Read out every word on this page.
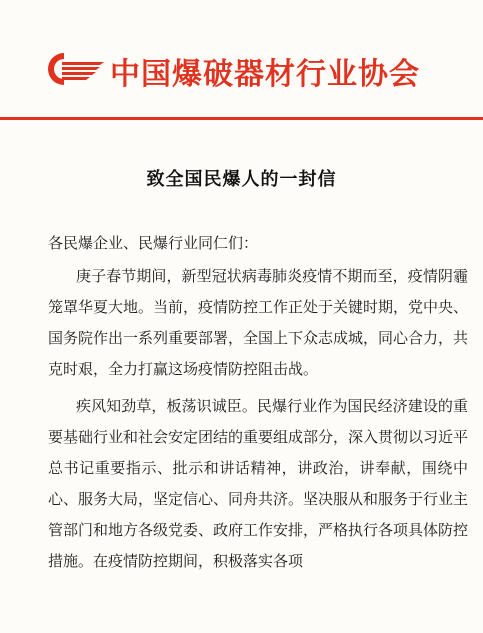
中国爆破器材行业协会
致全国民爆人的一封信

各民爆企业、民爆行业同仁们：

庚子春节期间，新型冠状病毒肺炎疫情不期而至，疫情阴霾笼罩华夏大地。当前，疫情防控工作正处于关键时期，党中央、国务院作出一系列重要部署，全国上下众志成城，同心合力，共克时艰，全力打赢这场疫情防控阻击战。

疾风知劲草，板荡识诚臣。民爆行业作为国民经济建设的重要基础行业和社会安定团结的重要组成部分，深入贯彻以习近平总书记重要指示、批示和讲话精神，讲政治，讲奉献，围绕中心、服务大局，坚定信心、同舟共济。坚决服从和服务于行业主管部门和地方各级党委、政府工作安排，严格执行各项具体防控措施。在疫情防控期间，积极落实各项
